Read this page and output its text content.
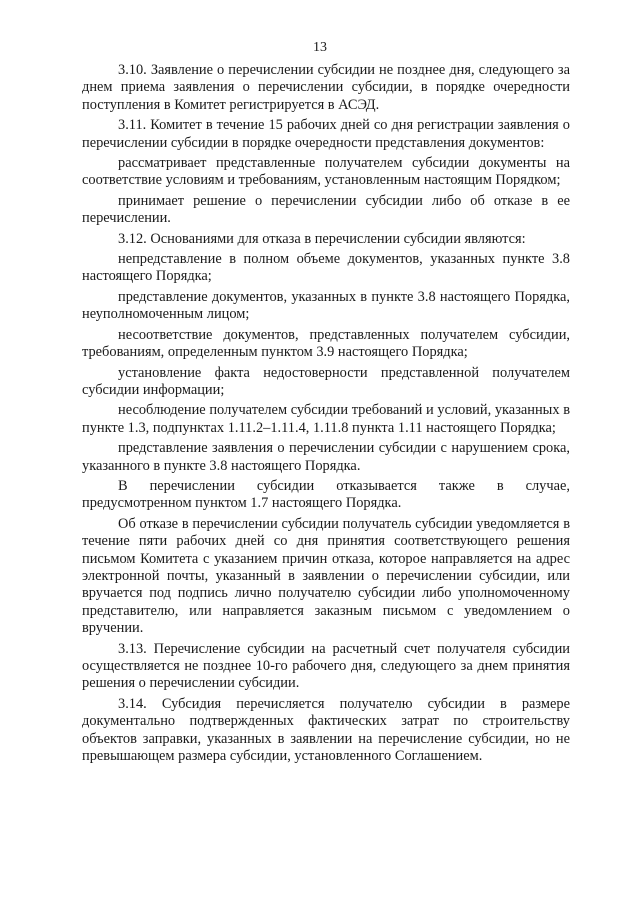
13

3.10. Заявление о перечислении субсидии не позднее дня, следующего за днем приема заявления о перечислении субсидии, в порядке очередности поступления в Комитет регистрируется в АСЭД.

3.11. Комитет в течение 15 рабочих дней со дня регистрации заявления о перечислении субсидии в порядке очередности представления документов:

рассматривает представленные получателем субсидии документы на соответствие условиям и требованиям, установленным настоящим Порядком;

принимает решение о перечислении субсидии либо об отказе в ее перечислении.

3.12. Основаниями для отказа в перечислении субсидии являются:

непредставление в полном объеме документов, указанных пункте 3.8 настоящего Порядка;

представление документов, указанных в пункте 3.8 настоящего Порядка, неуполномоченным лицом;

несоответствие документов, представленных получателем субсидии, требованиям, определенным пунктом 3.9 настоящего Порядка;

установление факта недостоверности представленной получателем субсидии информации;

несоблюдение получателем субсидии требований и условий, указанных в пункте 1.3, подпунктах 1.11.2–1.11.4, 1.11.8 пункта 1.11 настоящего Порядка;

представление заявления о перечислении субсидии с нарушением срока, указанного в пункте 3.8 настоящего Порядка.

В перечислении субсидии отказывается также в случае, предусмотренном пунктом 1.7 настоящего Порядка.

Об отказе в перечислении субсидии получатель субсидии уведомляется в течение пяти рабочих дней со дня принятия соответствующего решения письмом Комитета с указанием причин отказа, которое направляется на адрес электронной почты, указанный в заявлении о перечислении субсидии, или вручается под подпись лично получателю субсидии либо уполномоченному представителю, или направляется заказным письмом с уведомлением о вручении.

3.13. Перечисление субсидии на расчетный счет получателя субсидии осуществляется не позднее 10-го рабочего дня, следующего за днем принятия решения о перечислении субсидии.

3.14. Субсидия перечисляется получателю субсидии в размере документально подтвержденных фактических затрат по строительству объектов заправки, указанных в заявлении на перечисление субсидии, но не превышающем размера субсидии, установленного Соглашением.
